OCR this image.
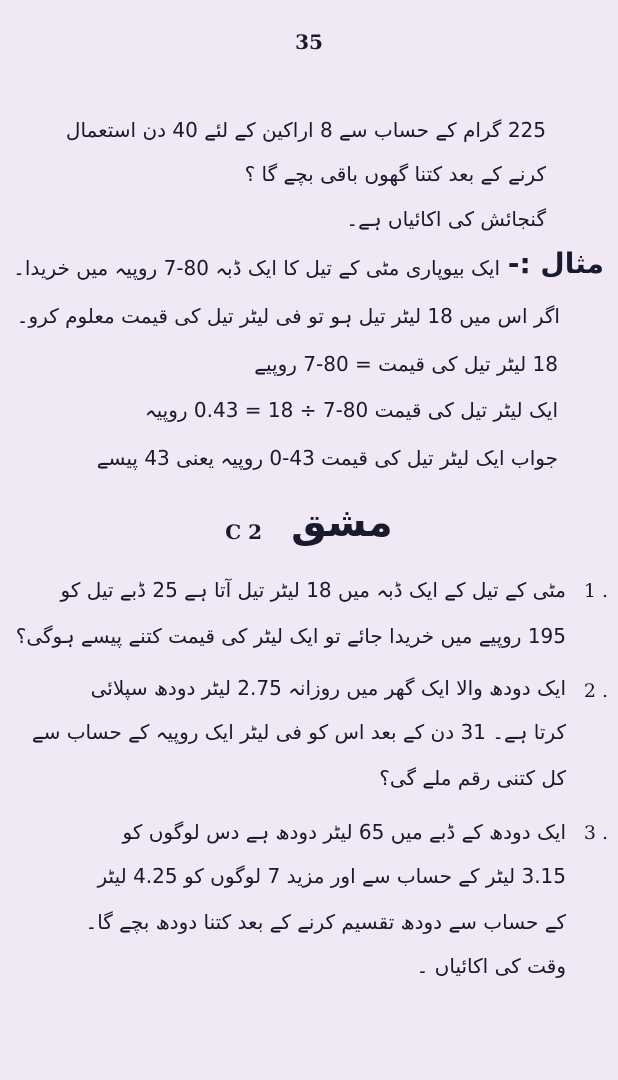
35
225 گرام کے حساب سے 8 اراکین کے لئے 40 دن استعمال
کرنے کے بعد کتنا گھوں باقی بچے گا ؟
گنجائش کی اکائیاں ہے۔
مثال :-
ایک بیوپاری مٹی کے تیل کا ایک ڈبہ 80-7 روپیہ میں خریدا۔
اگر اس میں 18 لیٹر تیل ہو تو فی لیٹر تیل کی قیمت معلوم کرو۔
18 لیٹر تیل کی قیمت = 80-7 روپیے
ایک لیٹر تیل کی قیمت 80-7 ÷ 18 = 0.43 روپیہ
جواب ایک لیٹر تیل کی قیمت 43-0 روپیہ یعنی 43 پیسے
C 2 مشق
1 .
مٹی کے تیل کے ایک ڈبہ میں 18 لیٹر تیل آتا ہے 25 ڈبے تیل کو
195 روپیے میں خریدا جائے تو ایک لیٹر کی قیمت کتنے پیسے ہوگی؟
2 .
ایک دودھ والا ایک گھر میں روزانہ 2.75 لیٹر دودھ سپلائی
کرتا ہے۔ 31 دن کے بعد اس کو فی لیٹر ایک روپیہ کے حساب سے
کل کتنی رقم ملے گی؟
3 .
ایک دودھ کے ڈبے میں 65 لیٹر دودھ ہے دس لوگوں کو
3.15 لیٹر کے حساب سے اور مزید 7 لوگوں کو 4.25 لیٹر
کے حساب سے دودھ تقسیم کرنے کے بعد کتنا دودھ بچے گا۔
وقت کی اکائیاں ۔
